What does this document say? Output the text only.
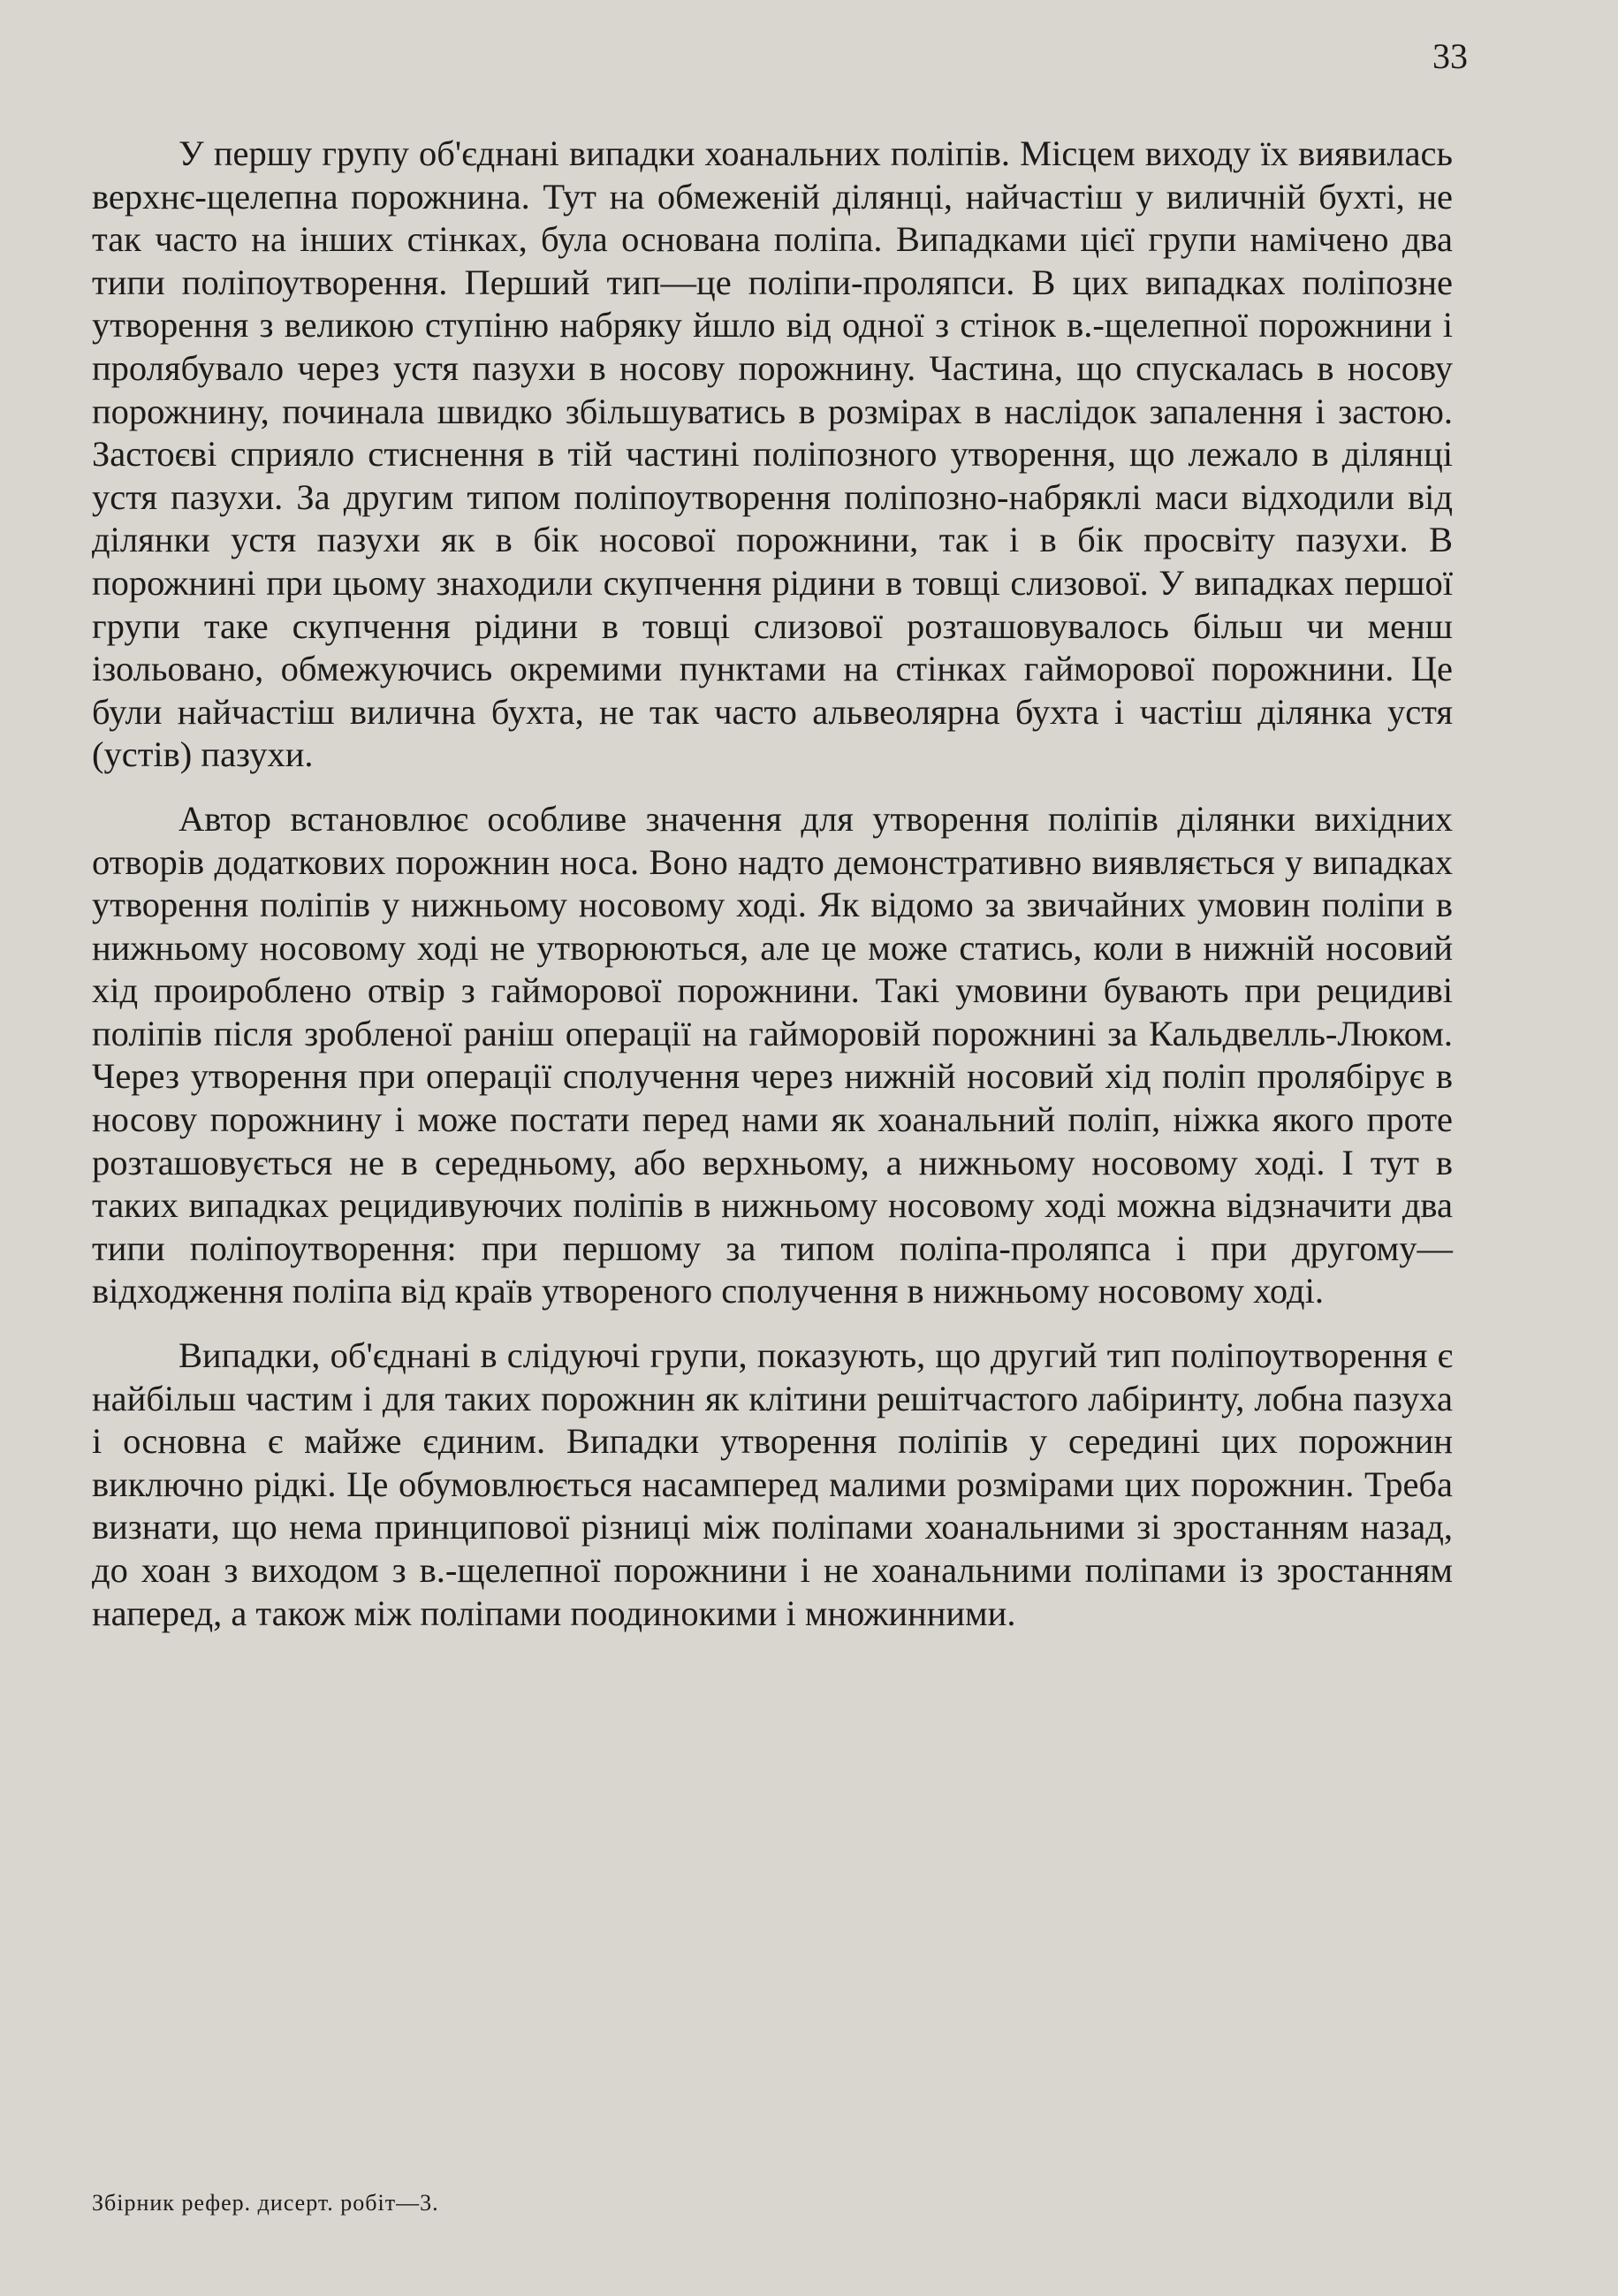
33

У першу групу об'єднані випадки хоанальних поліпів. Місцем виходу їх виявилась верхнє-щелепна порожнина. Тут на обмеженій ділянці, найчастіш у виличній бухті, не так часто на інших стінках, була основана поліпа. Випадками цієї групи намічено два типи поліпоутворення. Перший тип—це поліпи-проляпси. В цих випадках поліпозне утворення з великою ступіню набряку йшло від одної з стінок в.-щелепної порожнини і пролябувало через устя пазухи в носову порожнину. Частина, що спускалась в носову порожнину, починала швидко збільшуватись в розмірах в наслідок запалення і застою. Застоєві сприяло стиснення в тій частині поліпозного утворення, що лежало в ділянці устя пазухи. За другим типом поліпоутворення поліпозно-набряклі маси відходили від ділянки устя пазухи як в бік носової порожнини, так і в бік просвіту пазухи. В порожнині при цьому знаходили скупчення рідини в товщі слизової. У випадках першої групи таке скупчення рідини в товщі слизової розташовувалось більш чи менш ізольовано, обмежуючись окремими пунктами на стінках гайморової порожнини. Це були найчастіш вилична бухта, не так часто альвеолярна бухта і частіш ділянка устя (устів) пазухи.

Автор встановлює особливе значення для утворення поліпів ділянки вихідних отворів додаткових порожнин носа. Воно надто демонстративно виявляється у випадках утворення поліпів у нижньому носовому ході. Як відомо за звичайних умовин поліпи в нижньому носовому ході не утворюються, але це може статись, коли в нижній носовий хід проироблено отвір з гайморової порожнини. Такі умовини бувають при рецидиві поліпів після зробленої раніш операції на гайморовій порожнині за Кальдвелль-Люком. Через утворення при операції сполучення через нижній носовий хід поліп пролябірує в носову порожнину і може постати перед нами як хоанальний поліп, ніжка якого проте розташовується не в середньому, або верхньому, а нижньому носовому ході. І тут в таких випадках рецидивуючих поліпів в нижньому носовому ході можна відзначити два типи поліпоутворення: при першому за типом поліпа-проляпса і при другому—відходження поліпа від країв утвореного сполучення в нижньому носовому ході.

Випадки, об'єднані в слідуючі групи, показують, що другий тип поліпоутворення є найбільш частим і для таких порожнин як клітини решітчастого лабіринту, лобна пазуха і основна є майже єдиним. Випадки утворення поліпів у середині цих порожнин виключно рідкі. Це обумовлюється насамперед малими розмірами цих порожнин. Треба визнати, що нема принципової різниці між поліпами хоанальними зі зростанням назад, до хоан з виходом з в.-щелепної порожнини і не хоанальними поліпами із зростанням наперед, а також між поліпами поодинокими і множинними.

Збірник рефер. дисерт. робіт—3.
